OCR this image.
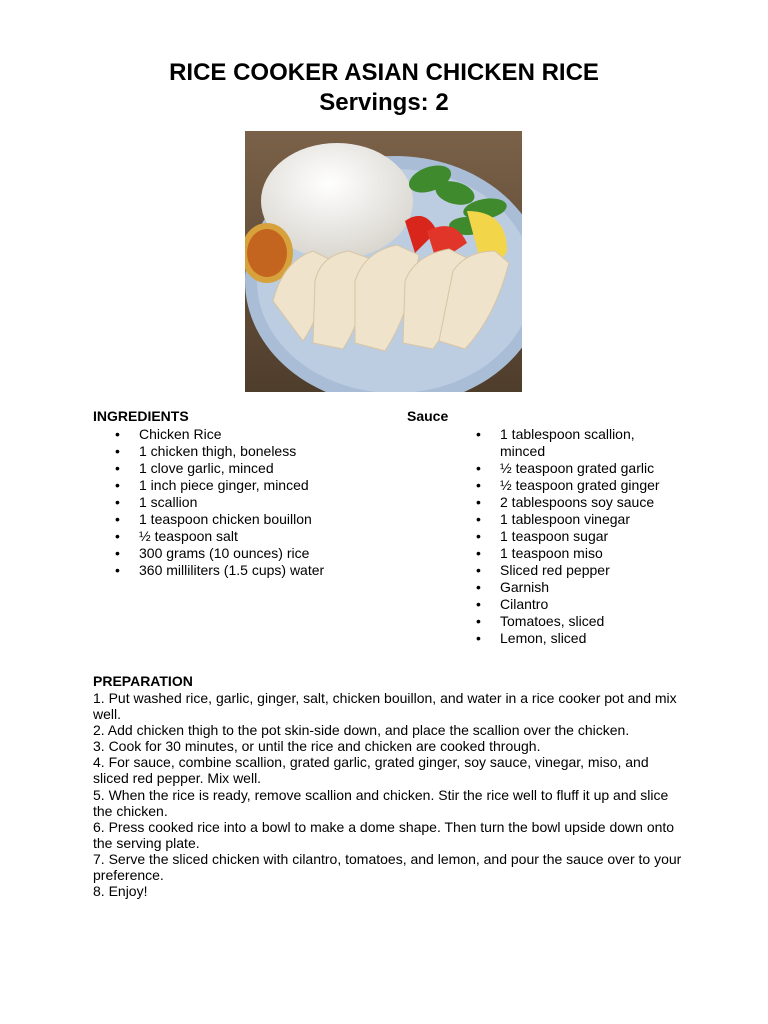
RICE COOKER ASIAN CHICKEN RICE
Servings: 2
INGREDIENTS
• Chicken Rice
• 1 chicken thigh, boneless
• 1 clove garlic, minced
• 1 inch piece ginger, minced
• 1 scallion
• 1 teaspoon chicken bouillon
• ½ teaspoon salt
• 300 grams (10 ounces) rice
• 360 milliliters (1.5 cups) water
Sauce
• 1 tablespoon scallion, minced
• ½ teaspoon grated garlic
• ½ teaspoon grated ginger
• 2 tablespoons soy sauce
• 1 tablespoon vinegar
• 1 teaspoon sugar
• 1 teaspoon miso
• Sliced red pepper
• Garnish
• Cilantro
• Tomatoes, sliced
• Lemon, sliced
PREPARATION
1. Put washed rice, garlic, ginger, salt, chicken bouillon, and water in a rice cooker pot and mix well.
2. Add chicken thigh to the pot skin-side down, and place the scallion over the chicken.
3. Cook for 30 minutes, or until the rice and chicken are cooked through.
4. For sauce, combine scallion, grated garlic, grated ginger, soy sauce, vinegar, miso, and sliced red pepper. Mix well.
5. When the rice is ready, remove scallion and chicken. Stir the rice well to fluff it up and slice the chicken.
6. Press cooked rice into a bowl to make a dome shape. Then turn the bowl upside down onto the serving plate.
7. Serve the sliced chicken with cilantro, tomatoes, and lemon, and pour the sauce over to your preference.
8. Enjoy!
